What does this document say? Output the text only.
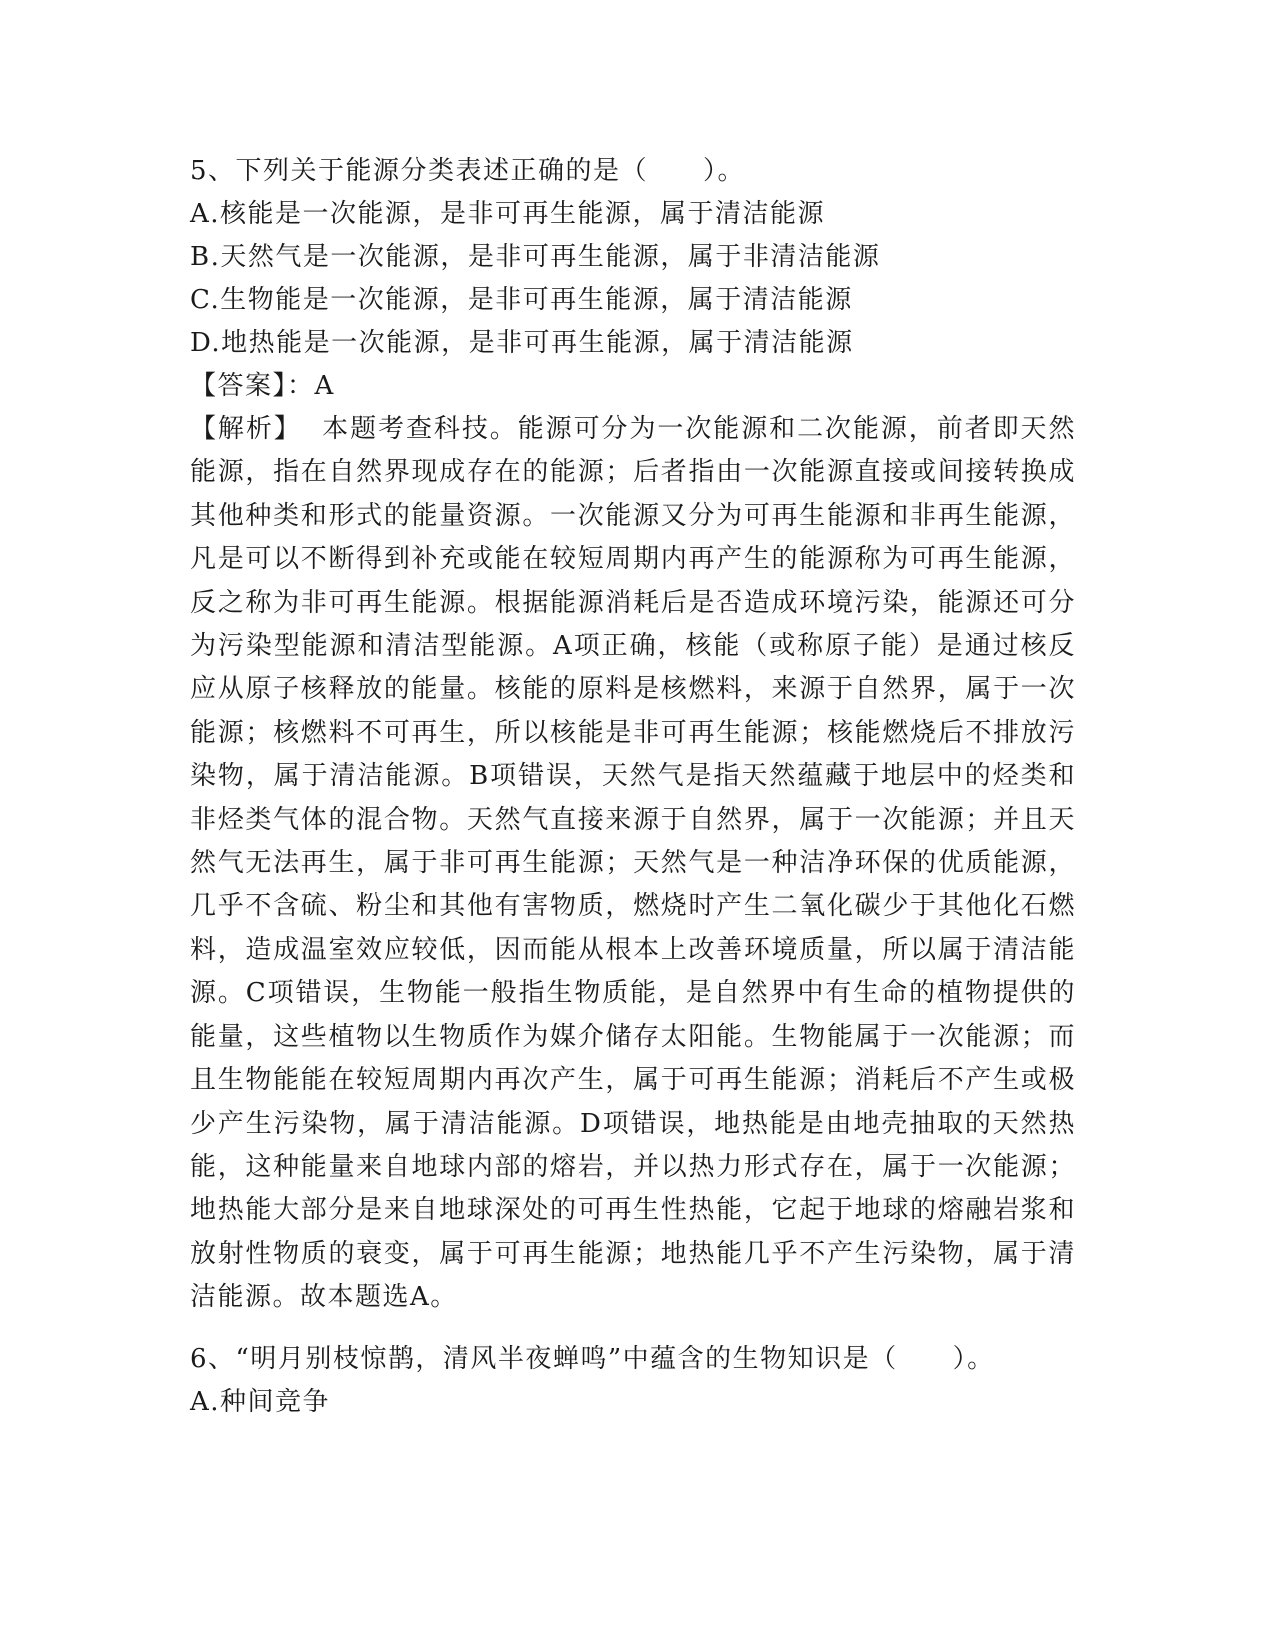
5、下列关于能源分类表述正确的是（　　）。
A.核能是一次能源，是非可再生能源，属于清洁能源
B.天然气是一次能源，是非可再生能源，属于非清洁能源
C.生物能是一次能源，是非可再生能源，属于清洁能源
D.地热能是一次能源，是非可再生能源，属于清洁能源
【答案】：A

【解析】 本题考查科技。能源可分为一次能源和二次能源，前者即天然能源，指在自然界现成存在的能源；后者指由一次能源直接或间接转换成其他种类和形式的能量资源。一次能源又分为可再生能源和非再生能源，凡是可以不断得到补充或能在较短周期内再产生的能源称为可再生能源，反之称为非可再生能源。根据能源消耗后是否造成环境污染，能源还可分为污染型能源和清洁型能源。A项正确，核能（或称原子能）是通过核反应从原子核释放的能量。核能的原料是核燃料，来源于自然界，属于一次能源；核燃料不可再生，所以核能是非可再生能源；核能燃烧后不排放污染物，属于清洁能源。B项错误，天然气是指天然蕴藏于地层中的烃类和非烃类气体的混合物。天然气直接来源于自然界，属于一次能源；并且天然气无法再生，属于非可再生能源；天然气是一种洁净环保的优质能源，几乎不含硫、粉尘和其他有害物质，燃烧时产生二氧化碳少于其他化石燃料，造成温室效应较低，因而能从根本上改善环境质量，所以属于清洁能源。C项错误，生物能一般指生物质能，是自然界中有生命的植物提供的能量，这些植物以生物质作为媒介储存太阳能。生物能属于一次能源；而且生物能能在较短周期内再次产生，属于可再生能源；消耗后不产生或极少产生污染物，属于清洁能源。D项错误，地热能是由地壳抽取的天然热能，这种能量来自地球内部的熔岩，并以热力形式存在，属于一次能源；地热能大部分是来自地球深处的可再生性热能，它起于地球的熔融岩浆和放射性物质的衰变，属于可再生能源；地热能几乎不产生污染物，属于清洁能源。故本题选A。

6、“明月别枝惊鹊，清风半夜蝉鸣”中蕴含的生物知识是（　　）。
A.种间竞争
